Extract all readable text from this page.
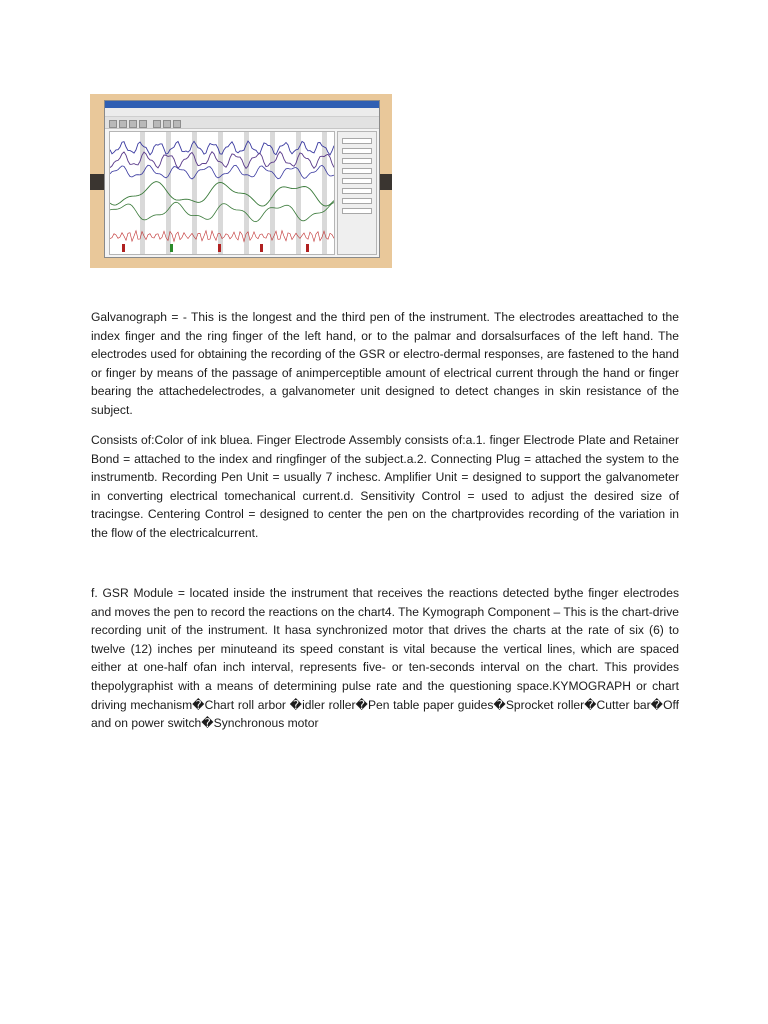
Galvanograph = - This is the longest and the third pen of the instrument. The electrodes areattached to the index finger and the ring finger of the left hand, or to the palmar and dorsalsurfaces of the left hand. The electrodes used for obtaining the recording of the GSR or electro-dermal responses, are fastened to the hand or finger by means of the passage of animperceptible amount of electrical current through the hand or finger bearing the attachedelectrodes, a galvanometer unit designed to detect changes in skin resistance of the subject.

Consists of:Color of ink bluea. Finger Electrode Assembly consists of:a.1. finger Electrode Plate and Retainer Bond = attached to the index and ringfinger of the subject.a.2. Connecting Plug = attached the system to the instrumentb. Recording Pen Unit = usually 7 inchesc. Amplifier Unit = designed to support the galvanometer in converting electrical tomechanical current.d. Sensitivity Control = used to adjust the desired size of tracingse. Centering Control = designed to center the pen on the chartprovides recording of the variation in the flow of the electricalcurrent.

f. GSR Module = located inside the instrument that receives the reactions detected bythe finger electrodes and moves the pen to record the reactions on the chart4. The Kymograph Component – This is the chart-drive recording unit of the instrument. It hasa synchronized motor that drives the charts at the rate of six (6) to twelve (12) inches per minuteand its speed constant is vital because the vertical lines, which are spaced either at one-half ofan inch interval, represents five- or ten-seconds interval on the chart. This provides thepolygraphist with a means of determining pulse rate and the questioning space.KYMOGRAPH or chart driving mechanism�Chart roll arbor �idler roller�Pen table paper guides�Sprocket roller�Cutter bar�Off and on power switch�Synchronous motor
